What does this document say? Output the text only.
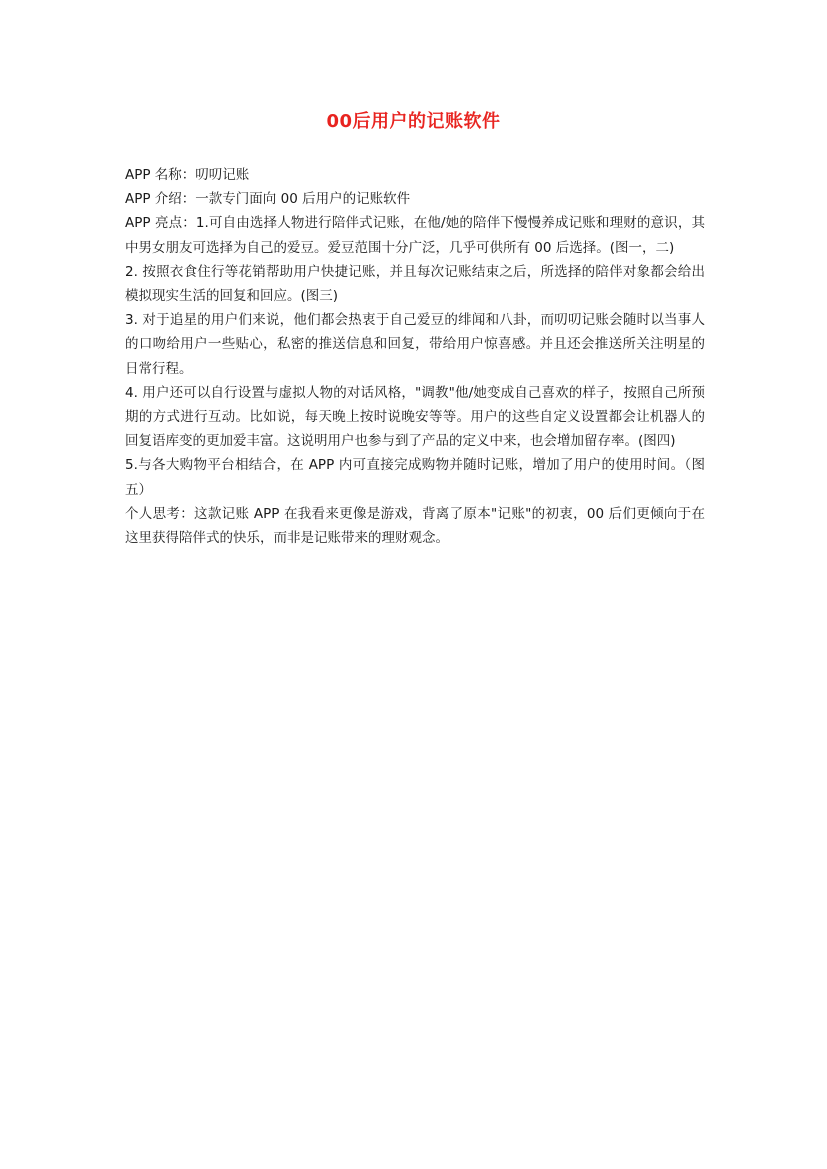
00后用户的记账软件

APP 名称：叨叨记账

APP 介绍：一款专门面向 00 后用户的记账软件

APP 亮点：1.可自由选择人物进行陪伴式记账，在他/她的陪伴下慢慢养成记账和理财的意识，其中男女朋友可选择为自己的爱豆。爱豆范围十分广泛，几乎可供所有 00 后选择。(图一，二)

2. 按照衣食住行等花销帮助用户快捷记账，并且每次记账结束之后，所选择的陪伴对象都会给出模拟现实生活的回复和回应。(图三)

3. 对于追星的用户们来说，他们都会热衷于自己爱豆的绯闻和八卦，而叨叨记账会随时以当事人的口吻给用户一些贴心，私密的推送信息和回复，带给用户惊喜感。并且还会推送所关注明星的日常行程。

4. 用户还可以自行设置与虚拟人物的对话风格，"调教"他/她变成自己喜欢的样子，按照自己所预期的方式进行互动。比如说，每天晚上按时说晚安等等。用户的这些自定义设置都会让机器人的回复语库变的更加爱丰富。这说明用户也参与到了产品的定义中来，也会增加留存率。(图四)

5.与各大购物平台相结合，在 APP 内可直接完成购物并随时记账，增加了用户的使用时间。（图五）

个人思考：这款记账 APP 在我看来更像是游戏，背离了原本"记账"的初衷，00 后们更倾向于在这里获得陪伴式的快乐，而非是记账带来的理财观念。
